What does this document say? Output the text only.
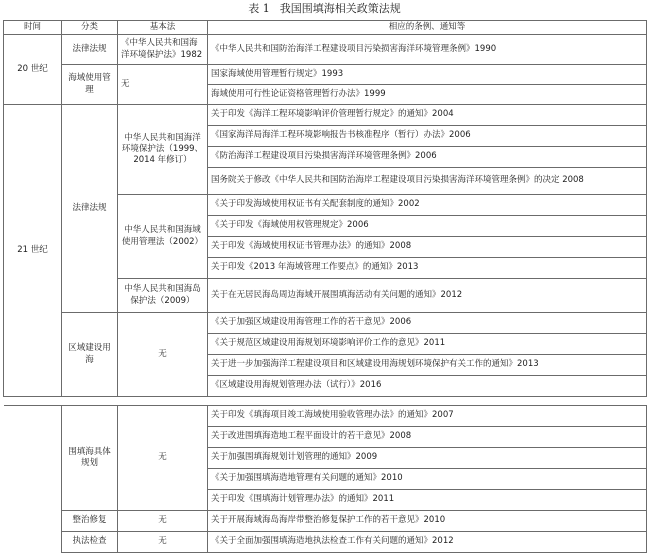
表 1 我国围填海相关政策法规
时间	分类	基本法	相应的条例、通知等
20 世纪	法律法规	《中华人民共和国海洋环境保护法》1982	《中华人民共和国防治海洋工程建设项目污染损害海洋环境管理条例》1990
	海域使用管理	无	国家海域使用管理暂行规定》1993
			海域使用可行性论证资格管理暂行办法》1999
21 世纪	法律法规	中华人民共和国海洋环境保护法（1999、2014 年修订）	关于印发《海洋工程环境影响评价管理暂行规定》的通知》2004
			《国家海洋局海洋工程环境影响报告书核准程序（暂行）办法》2006
			《防治海洋工程建设项目污染损害海洋环境管理条例》2006
			国务院关于修改《中华人民共和国防治海岸工程建设项目污染损害海洋环境管理条例》的决定 2008
		中华人民共和国海域使用管理法（2002）	《关于印发海域使用权证书有关配套制度的通知》2002
			《关于印发《海域使用权管理规定》2006
			关于印发《海域使用权证书管理办法》的通知》2008
			关于印发《2013 年海域管理工作要点》的通知》2013
		中华人民共和国海岛保护法（2009）	关于在无居民海岛周边海域开展围填海活动有关问题的通知》2012
	区域建设用海	无	《关于加强区域建设用海管理工作的若干意见》2006
			《关于规范区域建设用海规划环境影响评价工作的意见》2011
			关于进一步加强海洋工程建设项目和区域建设用海规划环境保护有关工作的通知》2013
			《区域建设用海规划管理办法（试行）》2016

	围填海具体规划	无	关于印发《填海项目竣工海域使用验收管理办法》的通知》2007
			关于改进围填海造地工程平面设计的若干意见》2008
			关于加强围填海规划计划管理的通知》2009
			《关于加强围填海造地管理有关问题的通知》2010
			关于印发《围填海计划管理办法》的通知》2011
	整治修复	无	关于开展海域海岛海岸带整治修复保护工作的若干意见》2010
	执法检查	无	《关于全面加强围填海造地执法检查工作有关问题的通知》2012
